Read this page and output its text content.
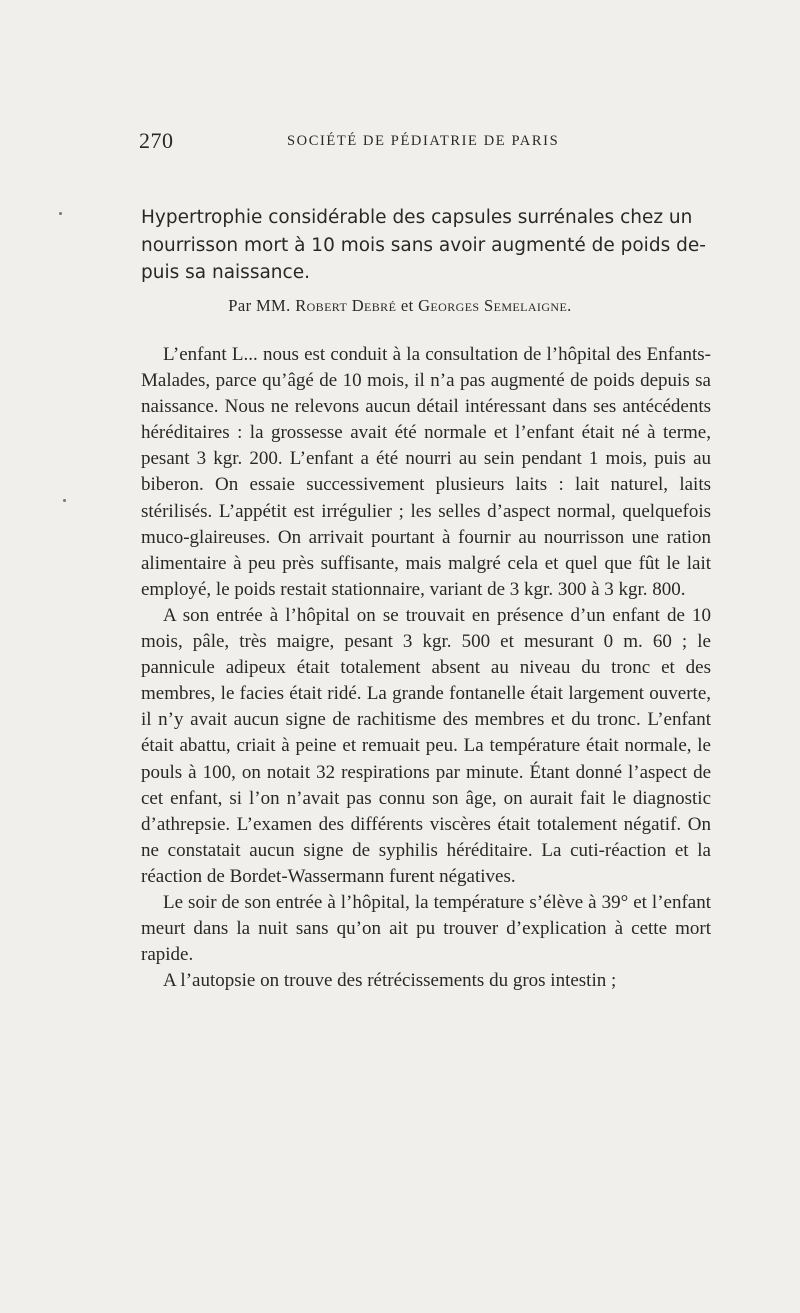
270	SOCIÉTÉ DE PÉDIATRIE DE PARIS
Hypertrophie considérable des capsules surrénales chez un
nourrisson mort à 10 mois sans avoir augmenté de poids de-
puis sa naissance.
Par MM. Robert Debré et Georges Semelaigne.

L’enfant L... nous est conduit à la consultation de l’hôpital des Enfants-Malades, parce qu’âgé de 10 mois, il n’a pas augmenté de poids depuis sa naissance. Nous ne relevons aucun détail intéressant dans ses antécédents héréditaires : la grossesse avait été normale et l’enfant était né à terme, pesant 3 kgr. 200. L’enfant a été nourri au sein pendant 1 mois, puis au biberon. On essaie successivement plusieurs laits : lait naturel, laits stérilisés. L’appétit est irrégulier ; les selles d’aspect normal, quelquefois muco-glaireuses. On arrivait pourtant à fournir au nourrisson une ration alimentaire à peu près suffisante, mais malgré cela et quel que fût le lait employé, le poids restait stationnaire, variant de 3 kgr. 300 à 3 kgr. 800.

A son entrée à l’hôpital on se trouvait en présence d’un enfant de 10 mois, pâle, très maigre, pesant 3 kgr. 500 et mesurant 0 m. 60 ; le pannicule adipeux était totalement absent au niveau du tronc et des membres, le facies était ridé. La grande fontanelle était largement ouverte, il n’y avait aucun signe de rachitisme des membres et du tronc. L’enfant était abattu, criait à peine et remuait peu. La température était normale, le pouls à 100, on notait 32 respirations par minute. Étant donné l’aspect de cet enfant, si l’on n’avait pas connu son âge, on aurait fait le diagnostic d’athrepsie. L’examen des différents viscères était totalement négatif. On ne constatait aucun signe de syphilis héréditaire. La cuti-réaction et la réaction de Bordet-Wassermann furent négatives.

Le soir de son entrée à l’hôpital, la température s’élève à 39° et l’enfant meurt dans la nuit sans qu’on ait pu trouver d’explication à cette mort rapide.

A l’autopsie on trouve des rétrécissements du gros intestin ;
